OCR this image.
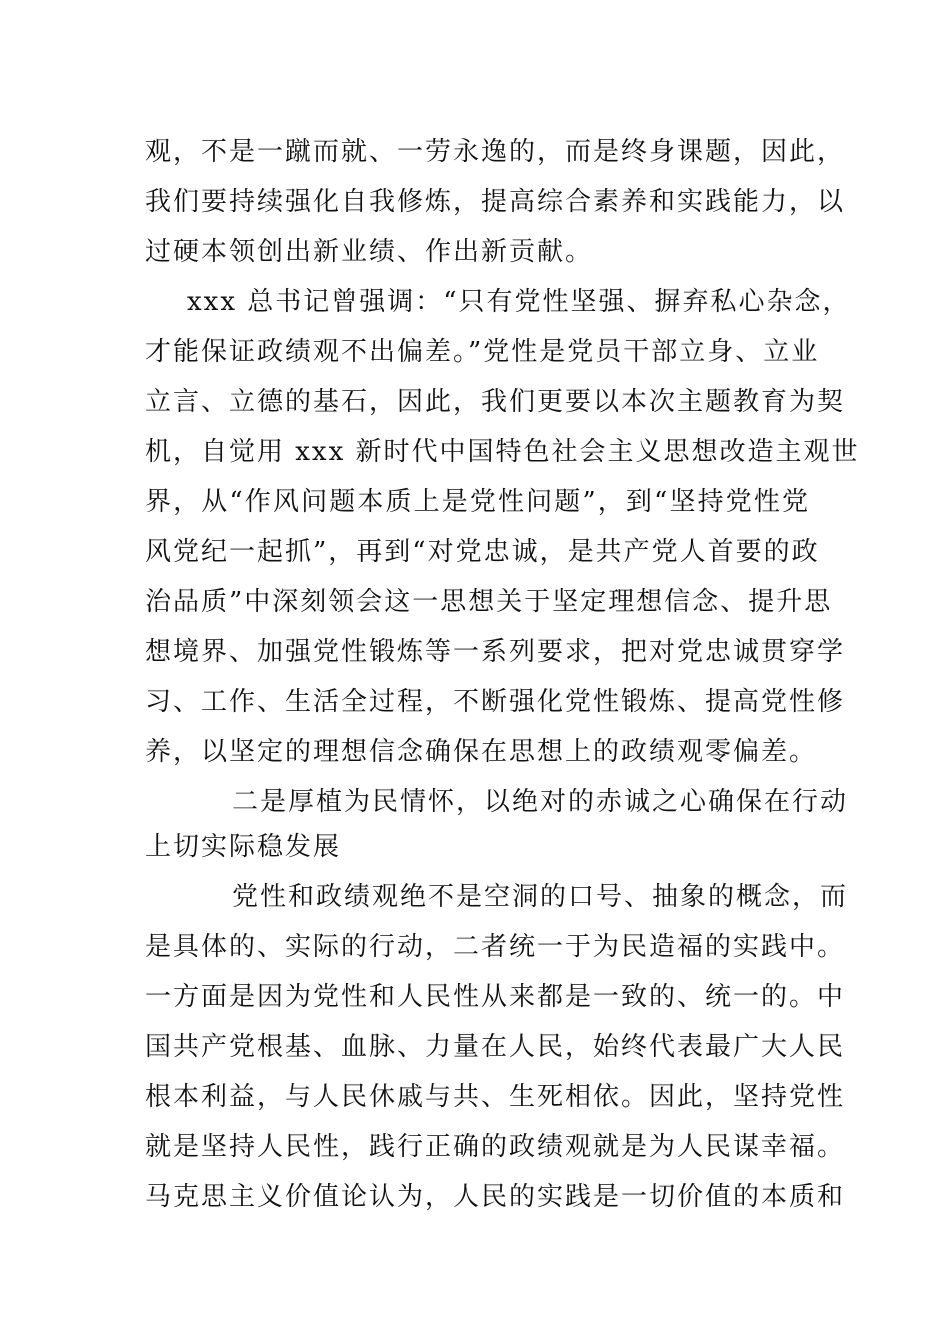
观，不是一蹴而就、一劳永逸的，而是终身课题，因此，
我们要持续强化自我修炼，提高综合素养和实践能力，以
过硬本领创出新业绩、作出新贡献。
xxx 总书记曾强调：“只有党性坚强、摒弃私心杂念，
才能保证政绩观不出偏差。”党性是党员干部立身、立业
立言、立德的基石，因此，我们更要以本次主题教育为契
机，自觉用 xxx 新时代中国特色社会主义思想改造主观世
界，从“作风问题本质上是党性问题”，到“坚持党性党
风党纪一起抓”，再到“对党忠诚，是共产党人首要的政
治品质”中深刻领会这一思想关于坚定理想信念、提升思
想境界、加强党性锻炼等一系列要求，把对党忠诚贯穿学
习、工作、生活全过程，不断强化党性锻炼、提高党性修
养，以坚定的理想信念确保在思想上的政绩观零偏差。
二是厚植为民情怀，以绝对的赤诚之心确保在行动
上切实际稳发展
党性和政绩观绝不是空洞的口号、抽象的概念，而
是具体的、实际的行动，二者统一于为民造福的实践中。
一方面是因为党性和人民性从来都是一致的、统一的。中
国共产党根基、血脉、力量在人民，始终代表最广大人民
根本利益，与人民休戚与共、生死相依。因此，坚持党性
就是坚持人民性，践行正确的政绩观就是为人民谋幸福。
马克思主义价值论认为，人民的实践是一切价值的本质和
